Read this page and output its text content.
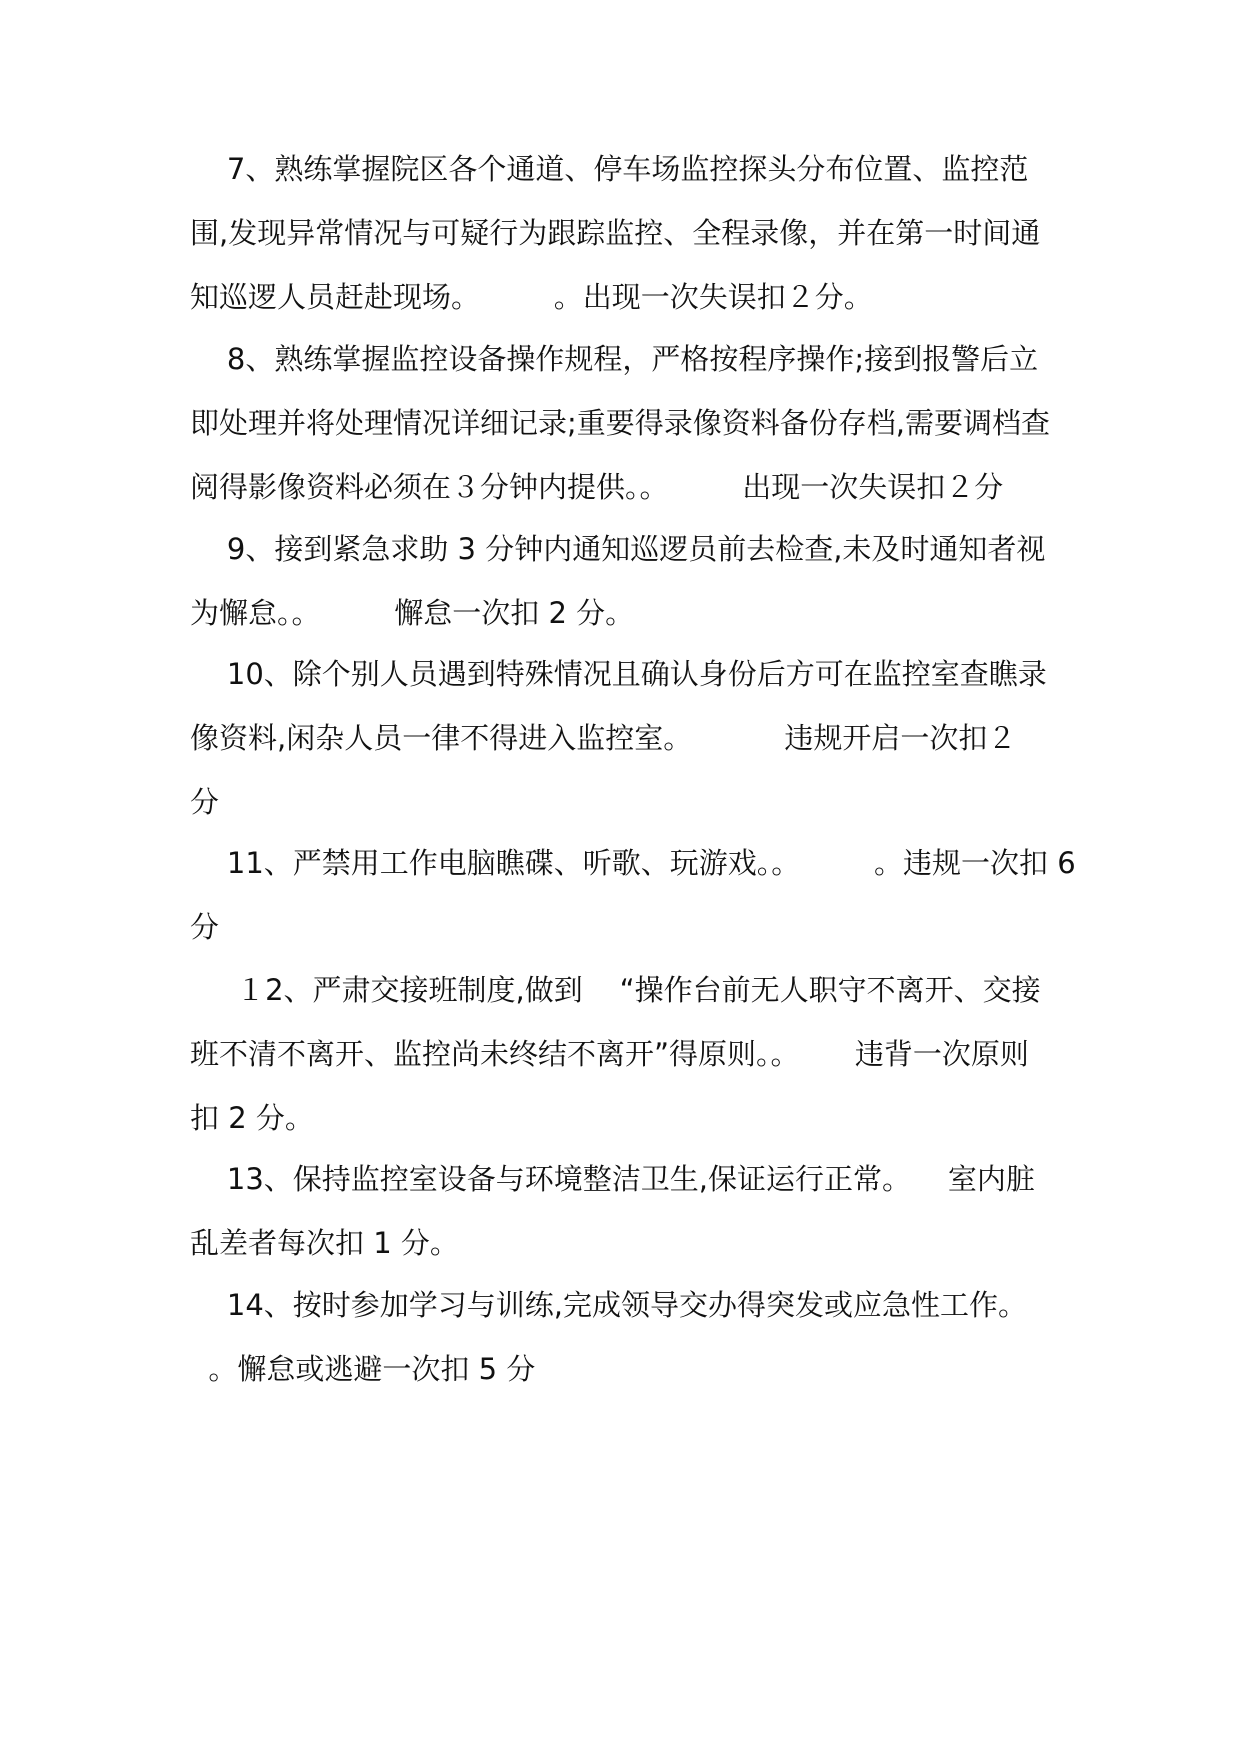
7、熟练掌握院区各个通道、停车场监控探头分布位置、监控范
围,发现异常情况与可疑行为跟踪监控、全程录像，并在第一时间通
知巡逻人员赶赴现场。        。出现一次失误扣２分。
8、熟练掌握监控设备操作规程，严格按程序操作;接到报警后立
即处理并将处理情况详细记录;重要得录像资料备份存档,需要调档查
阅得影像资料必须在３分钟内提供。。        出现一次失误扣２分
9、接到紧急求助 3 分钟内通知巡逻员前去检查,未及时通知者视
为懈怠。。        懈怠一次扣 2 分。
10、除个别人员遇到特殊情况且确认身份后方可在监控室查瞧录
像资料,闲杂人员一律不得进入监控室。          违规开启一次扣２
分
11、严禁用工作电脑瞧碟、听歌、玩游戏。。        。违规一次扣 6
分
１2、严肃交接班制度,做到    “操作台前无人职守不离开、交接
班不清不离开、监控尚未终结不离开”得原则。。      违背一次原则
扣 2 分。
13、保持监控室设备与环境整洁卫生,保证运行正常。    室内脏
乱差者每次扣 1 分。
14、按时参加学习与训练,完成领导交办得突发或应急性工作。
。懈怠或逃避一次扣 5 分
